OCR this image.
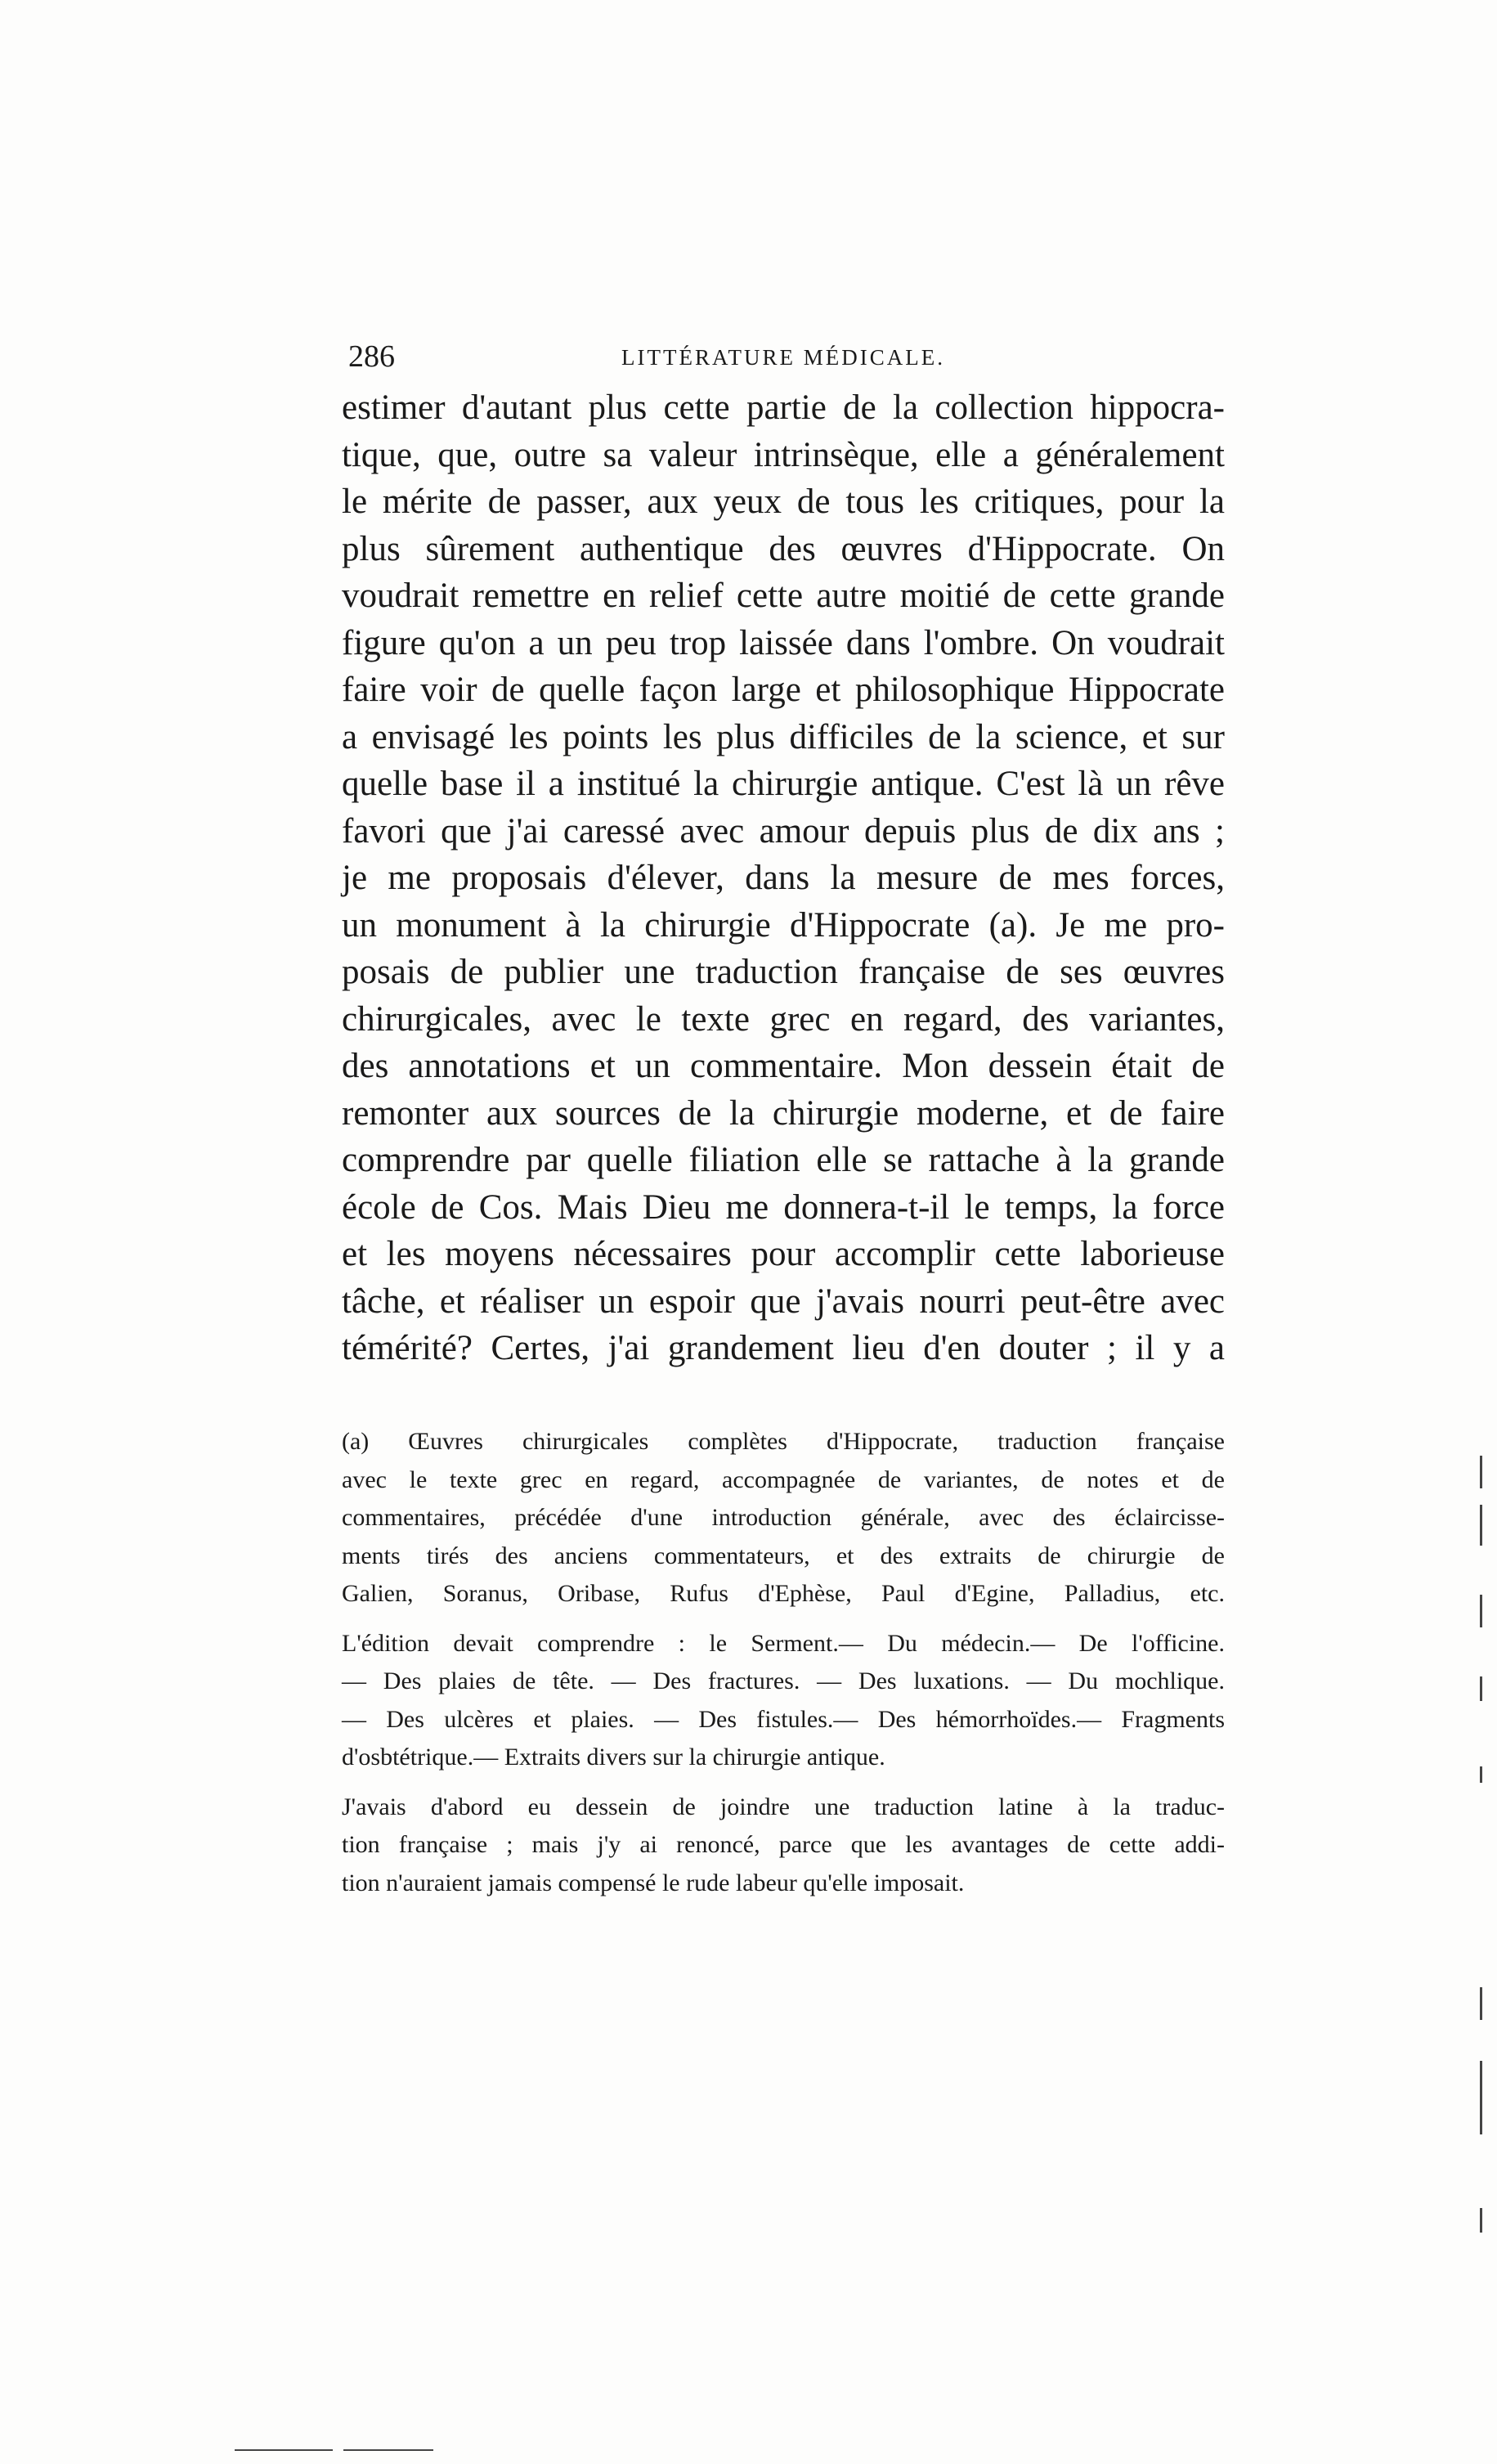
286	LITTÉRATURE MÉDICALE.
estimer d'autant plus cette partie de la collection hippocra-
tique, que, outre sa valeur intrinsèque, elle a généralement
le mérite de passer, aux yeux de tous les critiques, pour la
plus sûrement authentique des œuvres d'Hippocrate. On
voudrait remettre en relief cette autre moitié de cette grande
figure qu'on a un peu trop laissée dans l'ombre. On voudrait
faire voir de quelle façon large et philosophique Hippocrate
a envisagé les points les plus difficiles de la science, et sur
quelle base il a institué la chirurgie antique. C'est là un rêve
favori que j'ai caressé avec amour depuis plus de dix ans ;
je me proposais d'élever, dans la mesure de mes forces,
un monument à la chirurgie d'Hippocrate (a). Je me pro-
posais de publier une traduction française de ses œuvres
chirurgicales, avec le texte grec en regard, des variantes,
des annotations et un commentaire. Mon dessein était de
remonter aux sources de la chirurgie moderne, et de faire
comprendre par quelle filiation elle se rattache à la grande
école de Cos. Mais Dieu me donnera-t-il le temps, la force
et les moyens nécessaires pour accomplir cette laborieuse
tâche, et réaliser un espoir que j'avais nourri peut-être avec
témérité? Certes, j'ai grandement lieu d'en douter ; il y a
(a) Œuvres chirurgicales complètes d'Hippocrate, traduction française
avec le texte grec en regard, accompagnée de variantes, de notes et de
commentaires, précédée d'une introduction générale, avec des éclaircisse-
ments tirés des anciens commentateurs, et des extraits de chirurgie de
Galien, Soranus, Oribase, Rufus d'Ephèse, Paul d'Egine, Palladius, etc.
L'édition devait comprendre : le Serment.— Du médecin.— De l'officine.
— Des plaies de tête. — Des fractures. — Des luxations. — Du mochlique.
— Des ulcères et plaies. — Des fistules.— Des hémorrhoïdes.— Fragments
d'osbtétrique.— Extraits divers sur la chirurgie antique.
J'avais d'abord eu dessein de joindre une traduction latine à la traduc-
tion française ; mais j'y ai renoncé, parce que les avantages de cette addi-
tion n'auraient jamais compensé le rude labeur qu'elle imposait.
